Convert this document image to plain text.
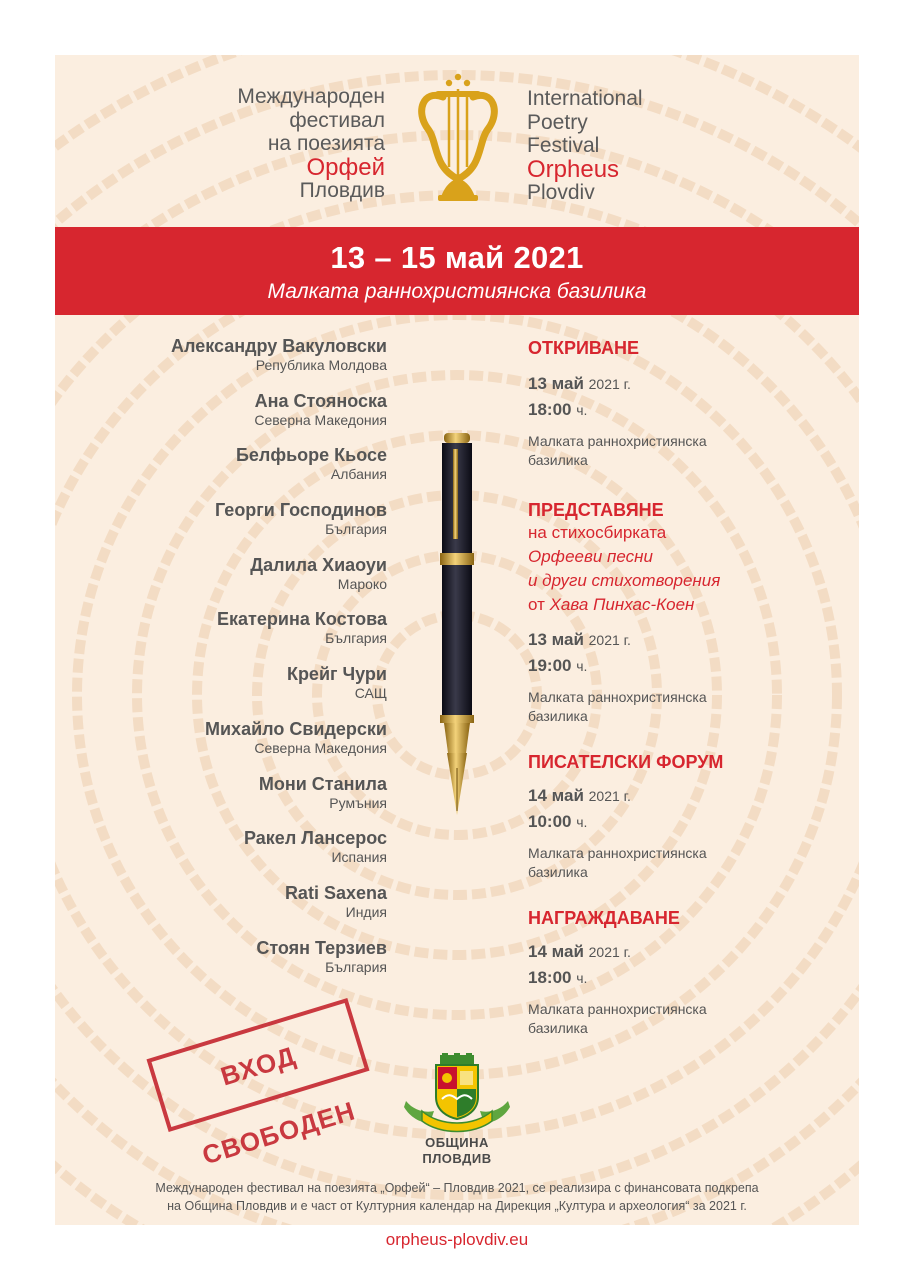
Международен
фестивал
на поезията
Орфей
Пловдив
International
Poetry
Festival
Orpheus
Plovdiv
13 – 15 май 2021
Малката раннохристиянска базилика
Александру Вакуловски
Република Молдова
Ана Стояноска
Северна Македония
Белфьоре Кьосе
Албания
Георги Господинов
България
Далила Хиаоуи
Мароко
Екатерина Костова
България
Крейг Чури
САЩ
Михайло Свидерски
Северна Македония
Мони Станила
Румъния
Ракел Лансерос
Испания
Rati Saxena
Индия
Стоян Терзиев
България
ОТКРИВАНЕ
13 май 2021 г.
18:00 ч.
Малката раннохристиянска
базилика
ПРЕДСТАВЯНЕ
на стихосбирката
Орфееви песни
и други стихотворения
от Хава Пинхас-Коен
13 май 2021 г.
19:00 ч.
Малката раннохристиянска
базилика
ПИСАТЕЛСКИ ФОРУМ
14 май 2021 г.
10:00 ч.
Малката раннохристиянска
базилика
НАГРАЖДАВАНЕ
14 май 2021 г.
18:00 ч.
Малката раннохристиянска
базилика
ВХОД СВОБОДЕН	ОБЩИНА
ПЛОВДИВ
Международен фестивал на поезията „Орфей“ – Пловдив 2021, се реализира с финансовата подкрепа
на Община Пловдив и е част от Културния календар на Дирекция „Култура и археология“ за 2021 г.
orpheus-plovdiv.eu
